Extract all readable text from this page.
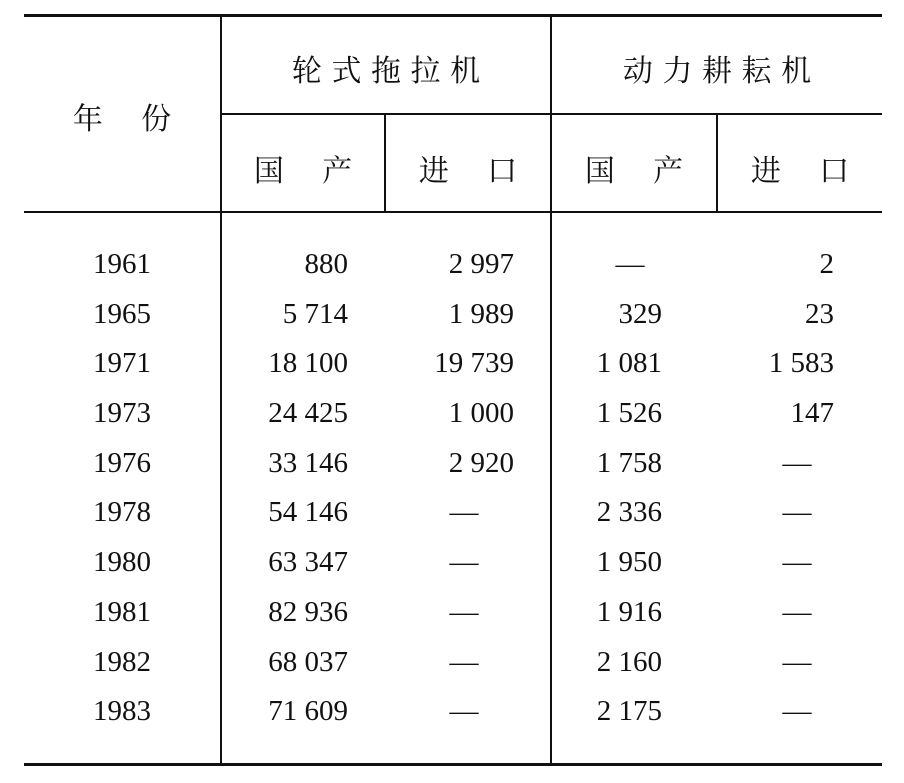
年    份
轮 式 拖 拉 机	动 力 耕 耘 机
国    产	进    口	国    产	进    口
1961	880	2 997	—	2
1965	5 714	1 989	329	23
1971	18 100	19 739	1 081	1 583
1973	24 425	1 000	1 526	147
1976	33 146	2 920	1 758	—
1978	54 146	—	2 336	—
1980	63 347	—	1 950	—
1981	82 936	—	1 916	—
1982	68 037	—	2 160	—
1983	71 609	—	2 175	—
